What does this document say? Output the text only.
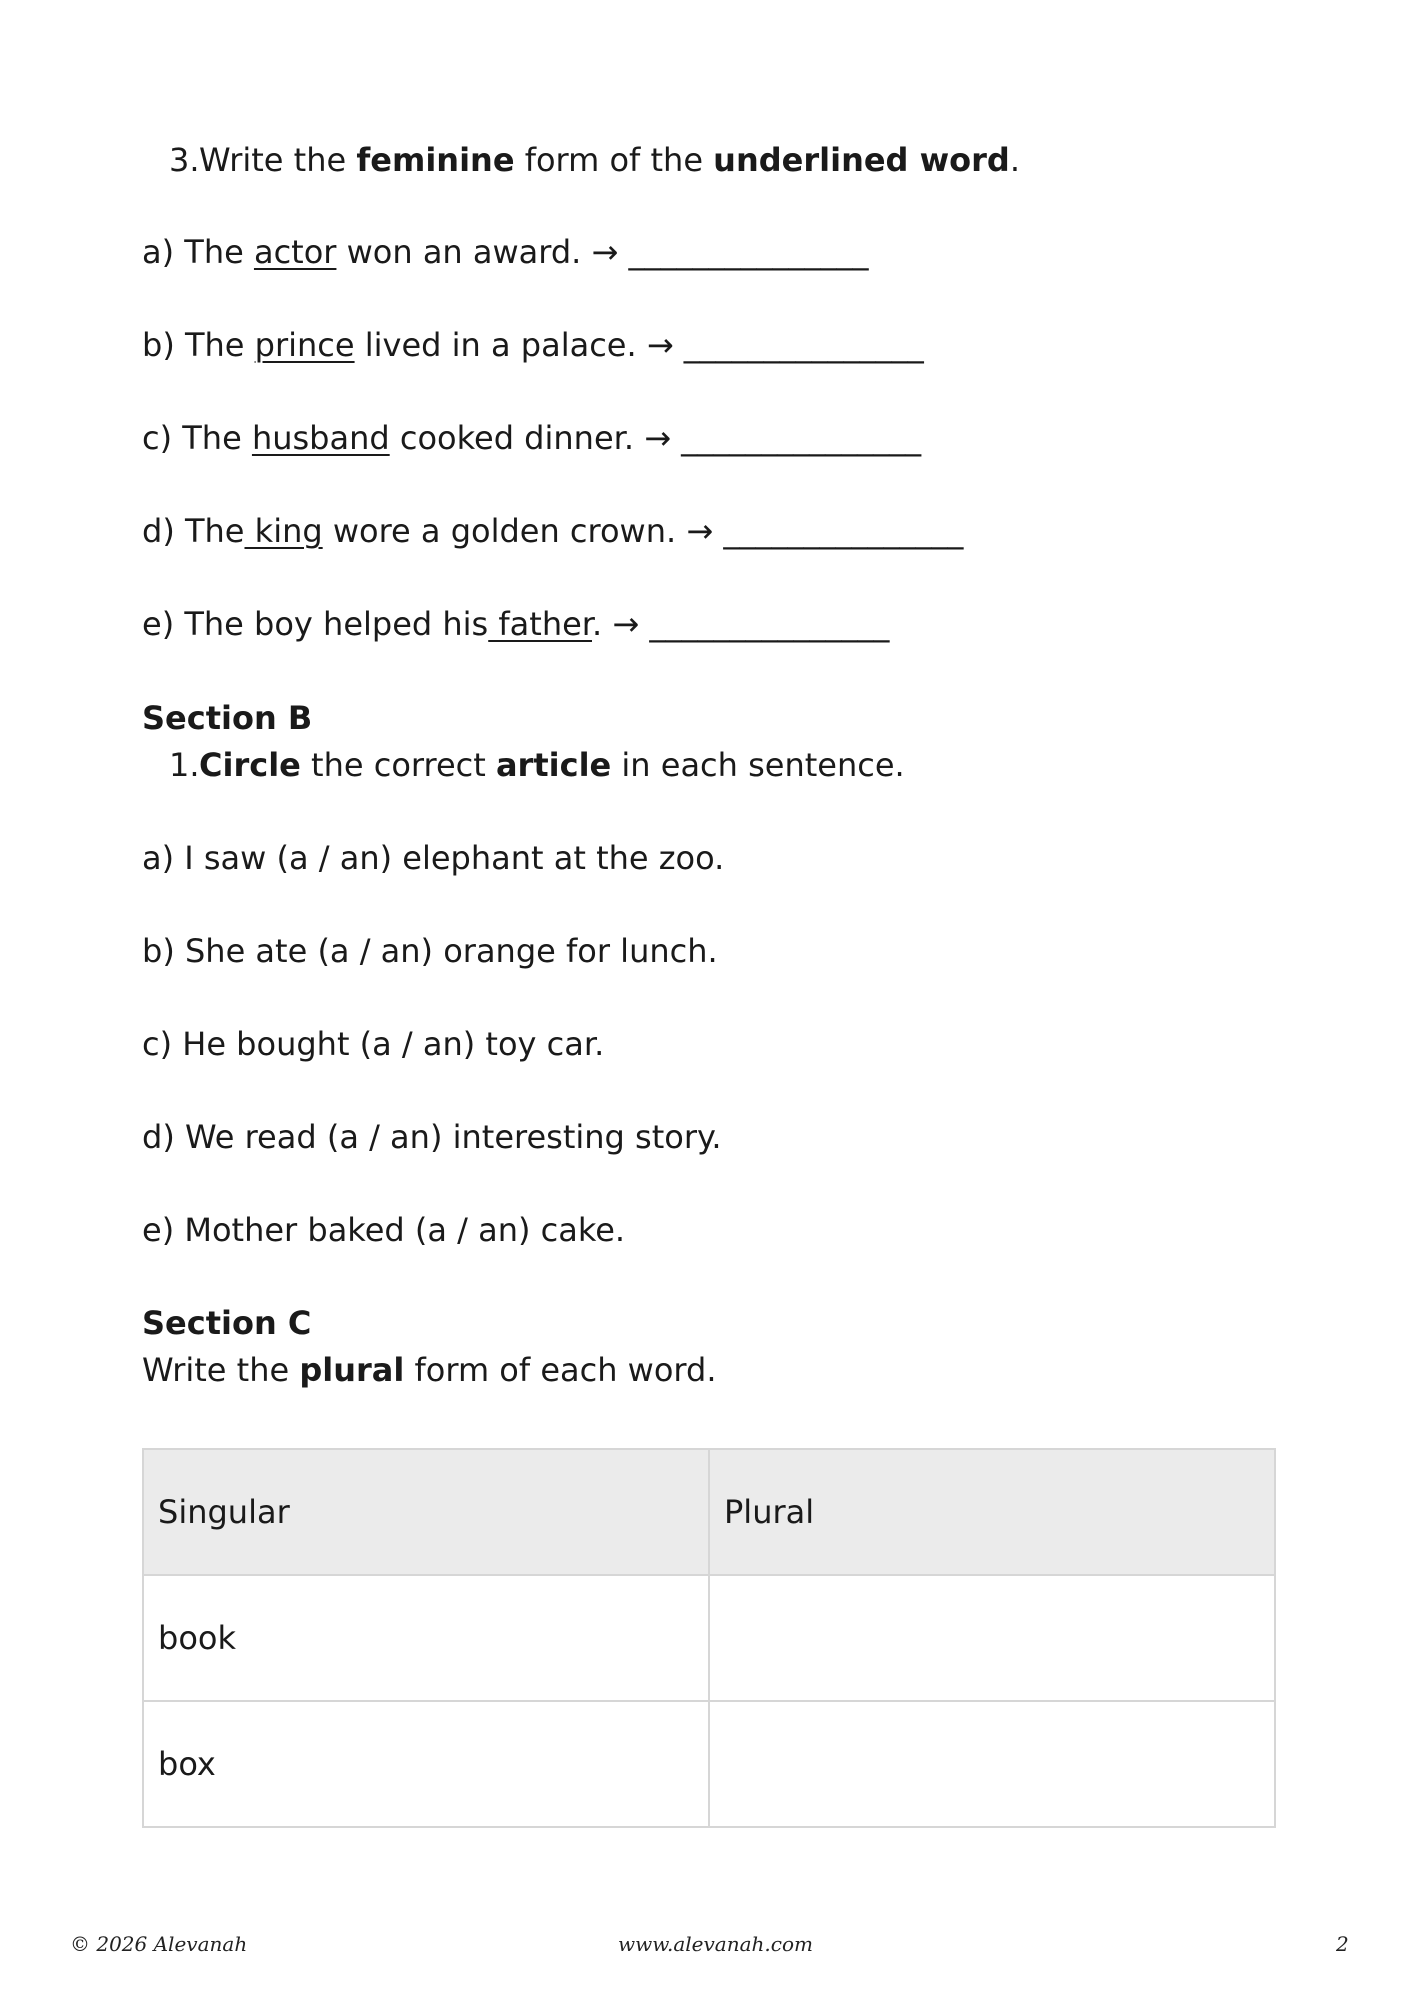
3.Write the feminine form of the underlined word.
a) The actor won an award. → _______________
b) The prince lived in a palace. → _______________
c) The husband cooked dinner. → _______________
d) The king wore a golden crown. → _______________
e) The boy helped his father. → _______________
Section B
1.Circle the correct article in each sentence.
a) I saw (a / an) elephant at the zoo.
b) She ate (a / an) orange for lunch.
c) He bought (a / an) toy car.
d) We read (a / an) interesting story.
e) Mother baked (a / an) cake.
Section C
Write the plural form of each word.
Singular	Plural
book	
box	
© 2026 Alevanah	www.alevanah.com	2
